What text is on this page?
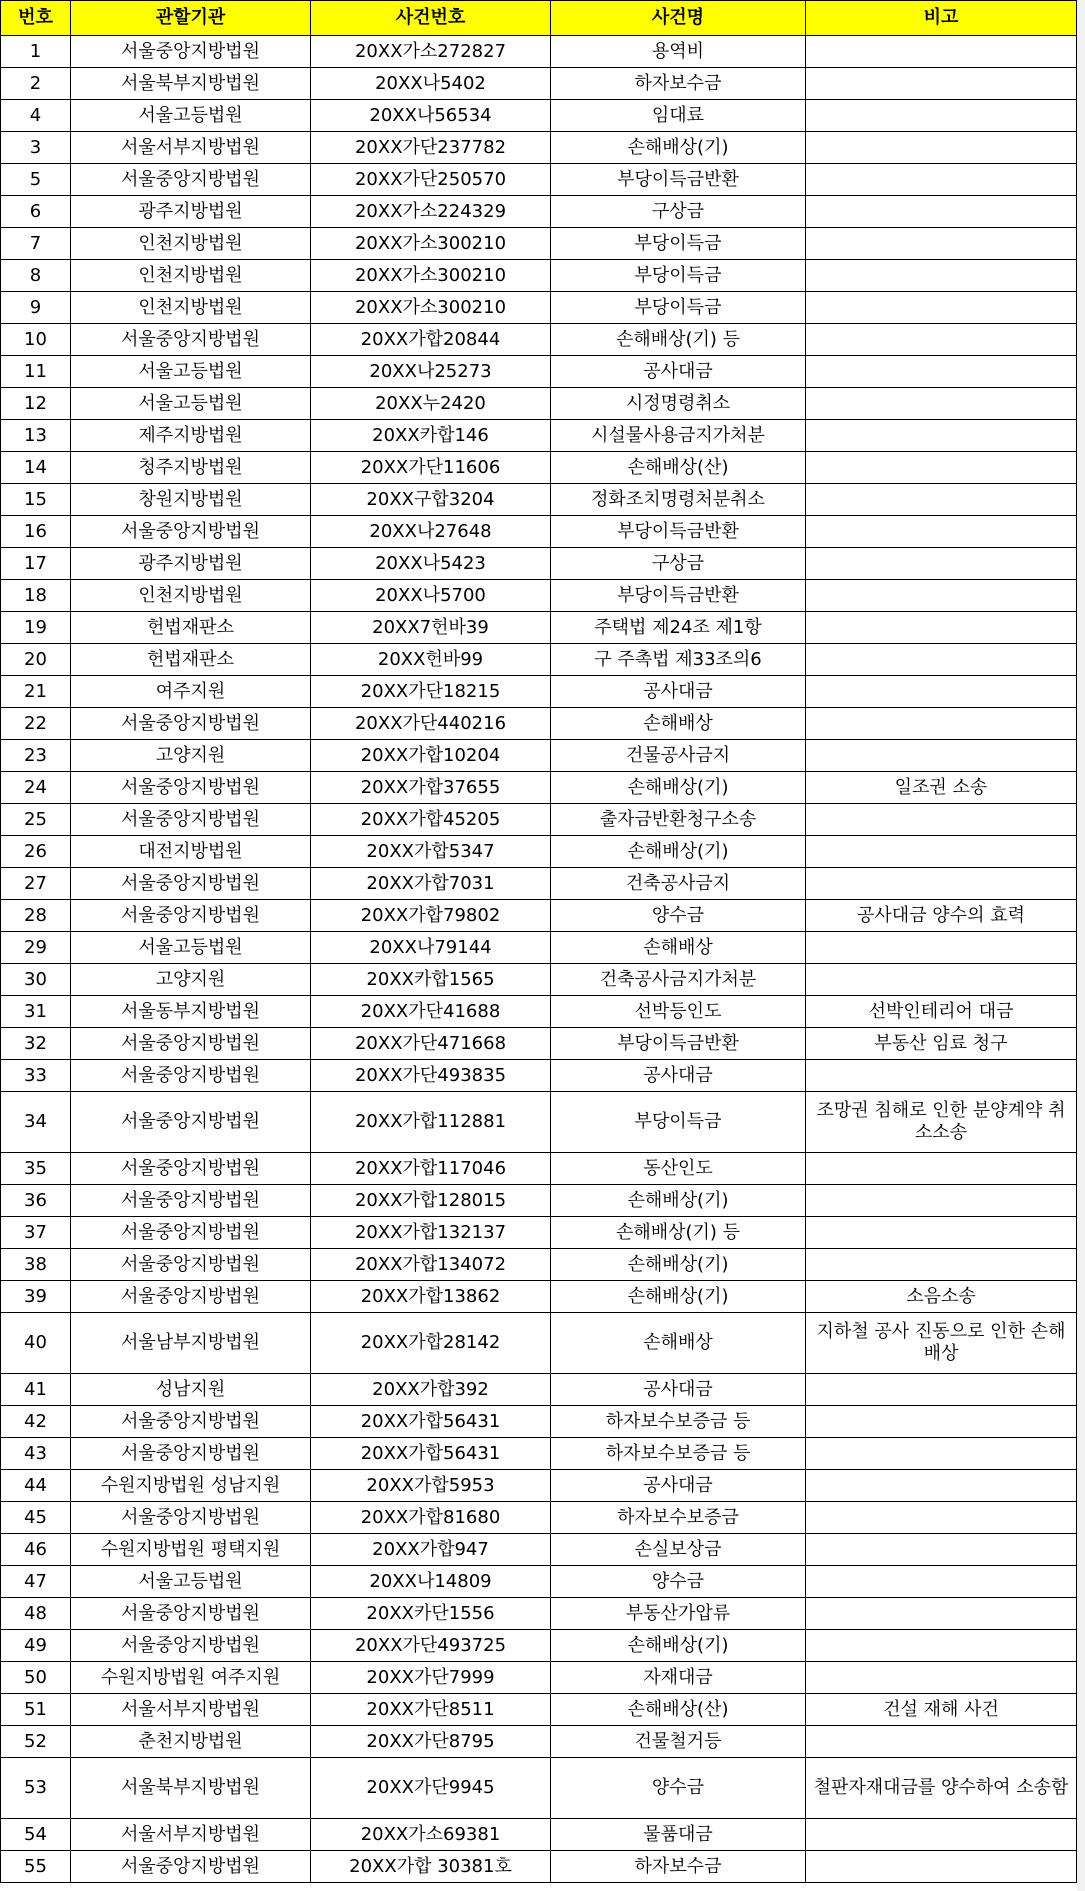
번호	관할기관	사건번호	사건명	비고
1	서울중앙지방법원	20XX가소272827	용역비	
2	서울북부지방법원	20XX나5402	하자보수금	
4	서울고등법원	20XX나56534	임대료	
3	서울서부지방법원	20XX가단237782	손해배상(기)	
5	서울중앙지방법원	20XX가단250570	부당이득금반환	
6	광주지방법원	20XX가소224329	구상금	
7	인천지방법원	20XX가소300210	부당이득금	
8	인천지방법원	20XX가소300210	부당이득금	
9	인천지방법원	20XX가소300210	부당이득금	
10	서울중앙지방법원	20XX가합20844	손해배상(기) 등	
11	서울고등법원	20XX나25273	공사대금	
12	서울고등법원	20XX누2420	시정명령취소	
13	제주지방법원	20XX카합146	시설물사용금지가처분	
14	청주지방법원	20XX가단11606	손해배상(산)	
15	창원지방법원	20XX구합3204	정화조치명령처분취소	
16	서울중앙지방법원	20XX나27648	부당이득금반환	
17	광주지방법원	20XX나5423	구상금	
18	인천지방법원	20XX나5700	부당이득금반환	
19	헌법재판소	20XX7헌바39	주택법 제24조 제1항	
20	헌법재판소	20XX헌바99	구 주촉법 제33조의6	
21	여주지원	20XX가단18215	공사대금	
22	서울중앙지방법원	20XX가단440216	손해배상	
23	고양지원	20XX가합10204	건물공사금지	
24	서울중앙지방법원	20XX가합37655	손해배상(기)	일조권 소송
25	서울중앙지방법원	20XX가합45205	출자금반환청구소송	
26	대전지방법원	20XX가합5347	손해배상(기)	
27	서울중앙지방법원	20XX가합7031	건축공사금지	
28	서울중앙지방법원	20XX가합79802	양수금	공사대금 양수의 효력
29	서울고등법원	20XX나79144	손해배상	
30	고양지원	20XX카합1565	건축공사금지가처분	
31	서울동부지방법원	20XX가단41688	선박등인도	선박인테리어 대금
32	서울중앙지방법원	20XX가단471668	부당이득금반환	부동산 임료 청구
33	서울중앙지방법원	20XX가단493835	공사대금	
34	서울중앙지방법원	20XX가합112881	부당이득금	조망권 침해로 인한 분양계약 취소소송
35	서울중앙지방법원	20XX가합117046	동산인도	
36	서울중앙지방법원	20XX가합128015	손해배상(기)	
37	서울중앙지방법원	20XX가합132137	손해배상(기) 등	
38	서울중앙지방법원	20XX가합134072	손해배상(기)	
39	서울중앙지방법원	20XX가합13862	손해배상(기)	소음소송
40	서울남부지방법원	20XX가합28142	손해배상	지하철 공사 진동으로 인한 손해배상
41	성남지원	20XX가합392	공사대금	
42	서울중앙지방법원	20XX가합56431	하자보수보증금 등	
43	서울중앙지방법원	20XX가합56431	하자보수보증금 등	
44	수원지방법원 성남지원	20XX가합5953	공사대금	
45	서울중앙지방법원	20XX가합81680	하자보수보증금	
46	수원지방법원 평택지원	20XX가합947	손실보상금	
47	서울고등법원	20XX나14809	양수금	
48	서울중앙지방법원	20XX카단1556	부동산가압류	
49	서울중앙지방법원	20XX가단493725	손해배상(기)	
50	수원지방법원 여주지원	20XX가단7999	자재대금	
51	서울서부지방법원	20XX가단8511	손해배상(산)	건설 재해 사건
52	춘천지방법원	20XX가단8795	건물철거등	
53	서울북부지방법원	20XX가단9945	양수금	철판자재대금를 양수하여 소송함
54	서울서부지방법원	20XX가소69381	물품대금	
55	서울중앙지방법원	20XX가합 30381호	하자보수금	
